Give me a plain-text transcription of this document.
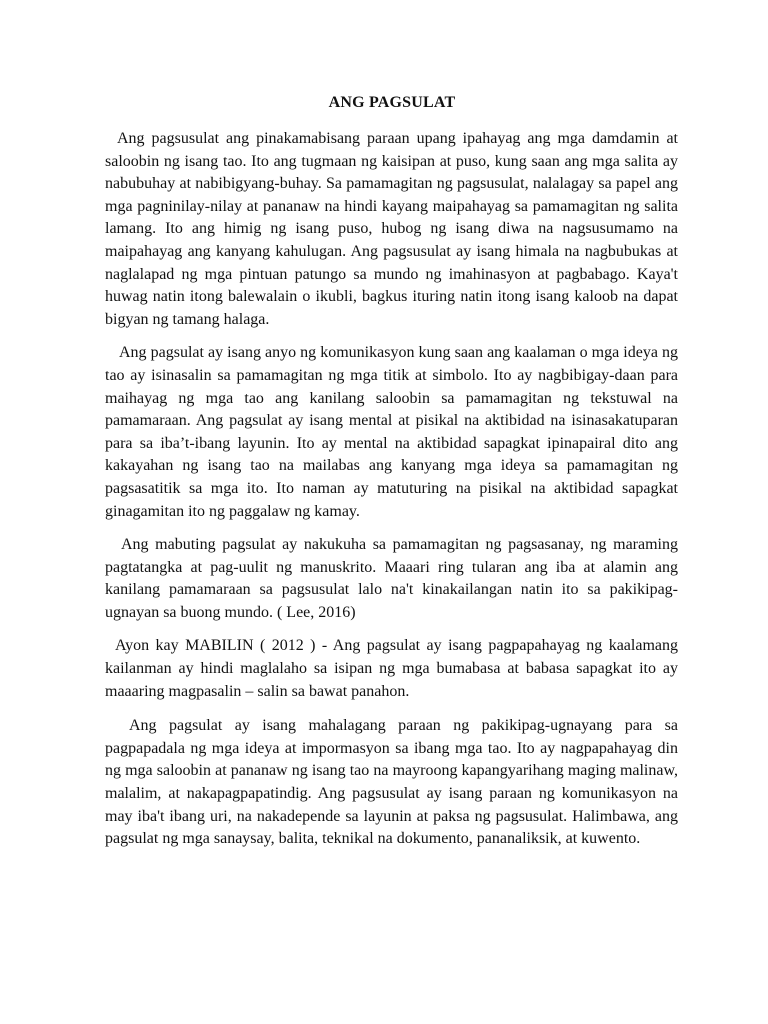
ANG PAGSULAT

Ang pagsusulat ang pinakamabisang paraan upang ipahayag ang mga damdamin at saloobin ng isang tao. Ito ang tugmaan ng kaisipan at puso, kung saan ang mga salita ay nabubuhay at nabibigyang-buhay. Sa pamamagitan ng pagsusulat, nalalagay sa papel ang mga pagninilay-nilay at pananaw na hindi kayang maipahayag sa pamamagitan ng salita lamang. Ito ang himig ng isang puso, hubog ng isang diwa na nagsusumamo na maipahayag ang kanyang kahulugan. Ang pagsusulat ay isang himala na nagbubukas at naglalapad ng mga pintuan patungo sa mundo ng imahinasyon at pagbabago. Kaya't huwag natin itong balewalain o ikubli, bagkus ituring natin itong isang kaloob na dapat bigyan ng tamang halaga.

Ang pagsulat ay isang anyo ng komunikasyon kung saan ang kaalaman o mga ideya ng tao ay isinasalin sa pamamagitan ng mga titik at simbolo. Ito ay nagbibigay-daan para maihayag ng mga tao ang kanilang saloobin sa pamamagitan ng tekstuwal na pamamaraan. Ang pagsulat ay isang mental at pisikal na aktibidad na isinasakatuparan para sa iba’t-ibang layunin. Ito ay mental na aktibidad sapagkat ipinapairal dito ang kakayahan ng isang tao na mailabas ang kanyang mga ideya sa pamamagitan ng pagsasatitik sa mga ito. Ito naman ay matuturing na pisikal na aktibidad sapagkat ginagamitan ito ng paggalaw ng kamay.

Ang mabuting pagsulat ay nakukuha sa pamamagitan ng pagsasanay, ng maraming pagtatangka at pag-uulit ng manuskrito. Maaari ring tularan ang iba at alamin ang kanilang pamamaraan sa pagsusulat lalo na't kinakailangan natin ito sa pakikipag-ugnayan sa buong mundo. ( Lee, 2016)

Ayon kay MABILIN ( 2012 ) - Ang pagsulat ay isang pagpapahayag ng kaalamang kailanman ay hindi maglalaho sa isipan ng mga bumabasa at babasa sapagkat ito ay maaaring magpasalin – salin sa bawat panahon.

Ang pagsulat ay isang mahalagang paraan ng pakikipag-ugnayang para sa pagpapadala ng mga ideya at impormasyon sa ibang mga tao. Ito ay nagpapahayag din ng mga saloobin at pananaw ng isang tao na mayroong kapangyarihang maging malinaw, malalim, at nakapagpapatindig. Ang pagsusulat ay isang paraan ng komunikasyon na may iba't ibang uri, na nakadepende sa layunin at paksa ng pagsusulat. Halimbawa, ang pagsulat ng mga sanaysay, balita, teknikal na dokumento, pananaliksik, at kuwento.
